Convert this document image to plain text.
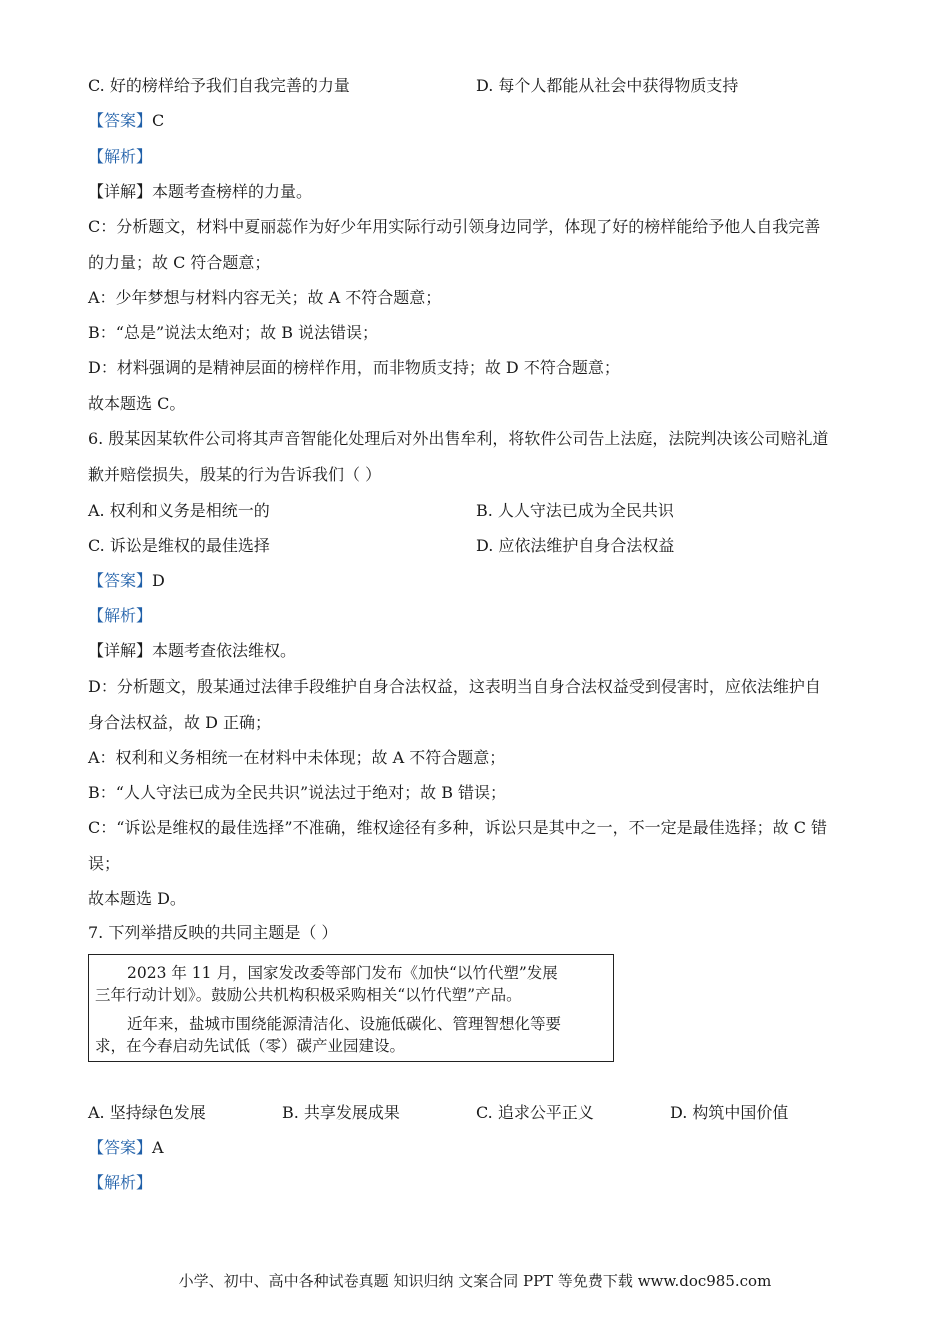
C. 好的榜样给予我们自我完善的力量	D. 每个人都能从社会中获得物质支持
【答案】C
【解析】
【详解】本题考查榜样的力量。
C：分析题文，材料中夏丽蕊作为好少年用实际行动引领身边同学，体现了好的榜样能给予他人自我完善
的力量；故 C 符合题意；
A：少年梦想与材料内容无关；故 A 不符合题意；
B：“总是”说法太绝对；故 B 说法错误；
D：材料强调的是精神层面的榜样作用，而非物质支持；故 D 不符合题意；
故本题选 C。
6. 殷某因某软件公司将其声音智能化处理后对外出售牟利，将软件公司告上法庭，法院判决该公司赔礼道
歉并赔偿损失，殷某的行为告诉我们（ ）
A. 权利和义务是相统一的	B. 人人守法已成为全民共识
C. 诉讼是维权的最佳选择	D. 应依法维护自身合法权益
【答案】D
【解析】
【详解】本题考查依法维权。
D：分析题文，殷某通过法律手段维护自身合法权益，这表明当自身合法权益受到侵害时，应依法维护自
身合法权益，故 D 正确；
A：权利和义务相统一在材料中未体现；故 A 不符合题意；
B：“人人守法已成为全民共识”说法过于绝对；故 B 错误；
C：“诉讼是维权的最佳选择”不准确，维权途径有多种，诉讼只是其中之一，不一定是最佳选择；故 C 错
误；
故本题选 D。
7. 下列举措反映的共同主题是（ ）
2023 年 11 月，国家发改委等部门发布《加快“以竹代塑”发展
三年行动计划》。鼓励公共机构积极采购相关“以竹代塑”产品。
近年来，盐城市围绕能源清洁化、设施低碳化、管理智想化等要
求，在今春启动先试低（零）碳产业园建设。
A. 坚持绿色发展	B. 共享发展成果	C. 追求公平正义	D. 构筑中国价值
【答案】A
【解析】
小学、初中、高中各种试卷真题 知识归纳 文案合同 PPT 等免费下载 www.doc985.com
